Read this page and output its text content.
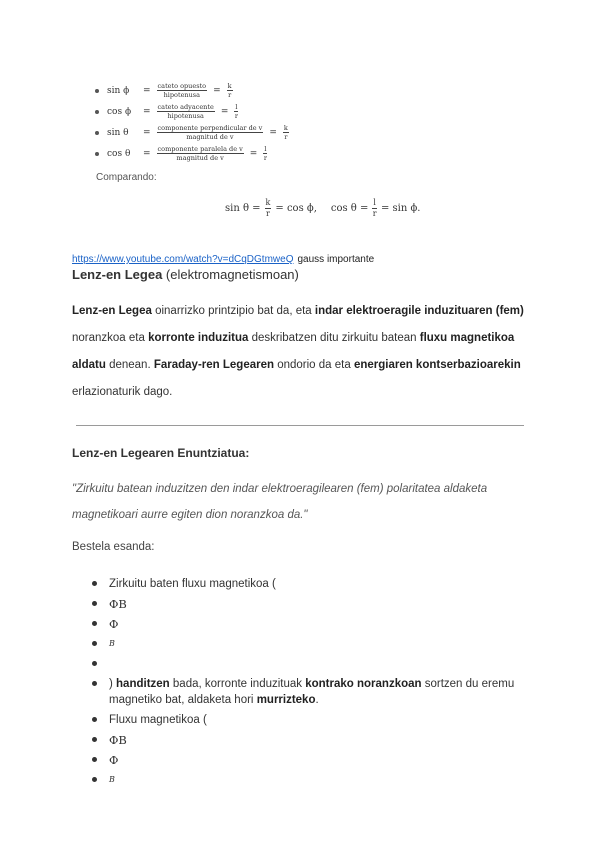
sin ϕ	= $\frac{\text{cateto opuesto}}{\text{hipotenusa}} = \frac{k}{r}$
cos ϕ	= $\frac{\text{cateto adyacente}}{\text{hipotenusa}} = \frac{l}{r}$
sin θ	= $\frac{\text{componente perpendicular de v}}{\text{magnitud de v}} = \frac{k}{r}$
cos θ	= $\frac{\text{componente paralela de v}}{\text{magnitud de v}} = \frac{l}{r}$
Comparando:
$\sin \theta = \frac{k}{r} = \cos \phi$, $\cos \theta = \frac{l}{r} = \sin \phi$.
https://www.youtube.com/watch?v=dCqDGtmweQ gauss importante
Lenz-en Legea (elektromagnetismoan)

Lenz-en Legea oinarrizko printzipio bat da, eta indar elektroeragile induzituaren (fem) noranzkoa eta korronte induzitua deskribatzen ditu zirkuitu batean fluxu magnetikoa aldatu denean. Faraday-ren Legearen ondorio da eta energiaren kontserbazioarekin erlazionaturik dago.

Lenz-en Legearen Enuntziatua:

"Zirkuitu batean induzitzen den indar elektroeragilearen (fem) polaritatea aldaketa magnetikoari aurre egiten dion noranzkoa da."

Bestela esanda:
Zirkuitu baten fluxu magnetikoa (
ΦB
Φ
B
) handitzen bada, korronte induzituak kontrako noranzkoan sortzen du eremu magnetiko bat, aldaketa hori murrizteko.
Fluxu magnetikoa (
ΦB
Φ
B
